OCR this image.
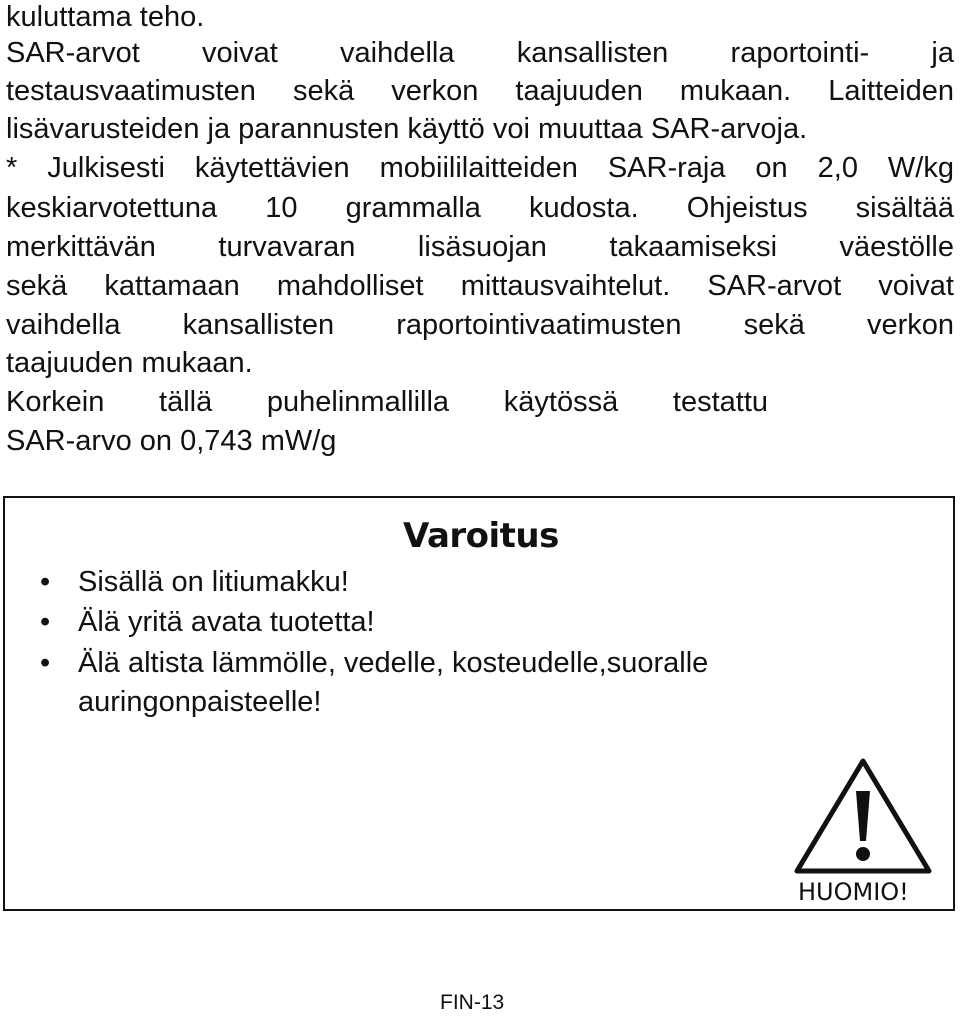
kuluttama teho.
SAR-arvot voivat vaihdella kansallisten raportointi- ja
testausvaatimusten sekä verkon taajuuden mukaan. Laitteiden
lisävarusteiden ja parannusten käyttö voi muuttaa SAR-arvoja.
* Julkisesti käytettävien mobiililaitteiden SAR-raja on 2,0 W/kg
keskiarvotettuna 10 grammalla kudosta. Ohjeistus sisältää
merkittävän turvavaran lisäsuojan takaamiseksi väestölle
sekä kattamaan mahdolliset mittausvaihtelut. SAR-arvot voivat
vaihdella kansallisten raportointivaatimusten sekä verkon
taajuuden mukaan.
Korkein tällä puhelinmallilla käytössä testattu
SAR-arvo on 0,743 mW/g
Varoitus
• Sisällä on litiumakku!
• Älä yritä avata tuotetta!
• Älä altista lämmölle, vedelle, kosteudelle,suoralle
auringonpaisteelle!
HUOMIO!
FIN-13
